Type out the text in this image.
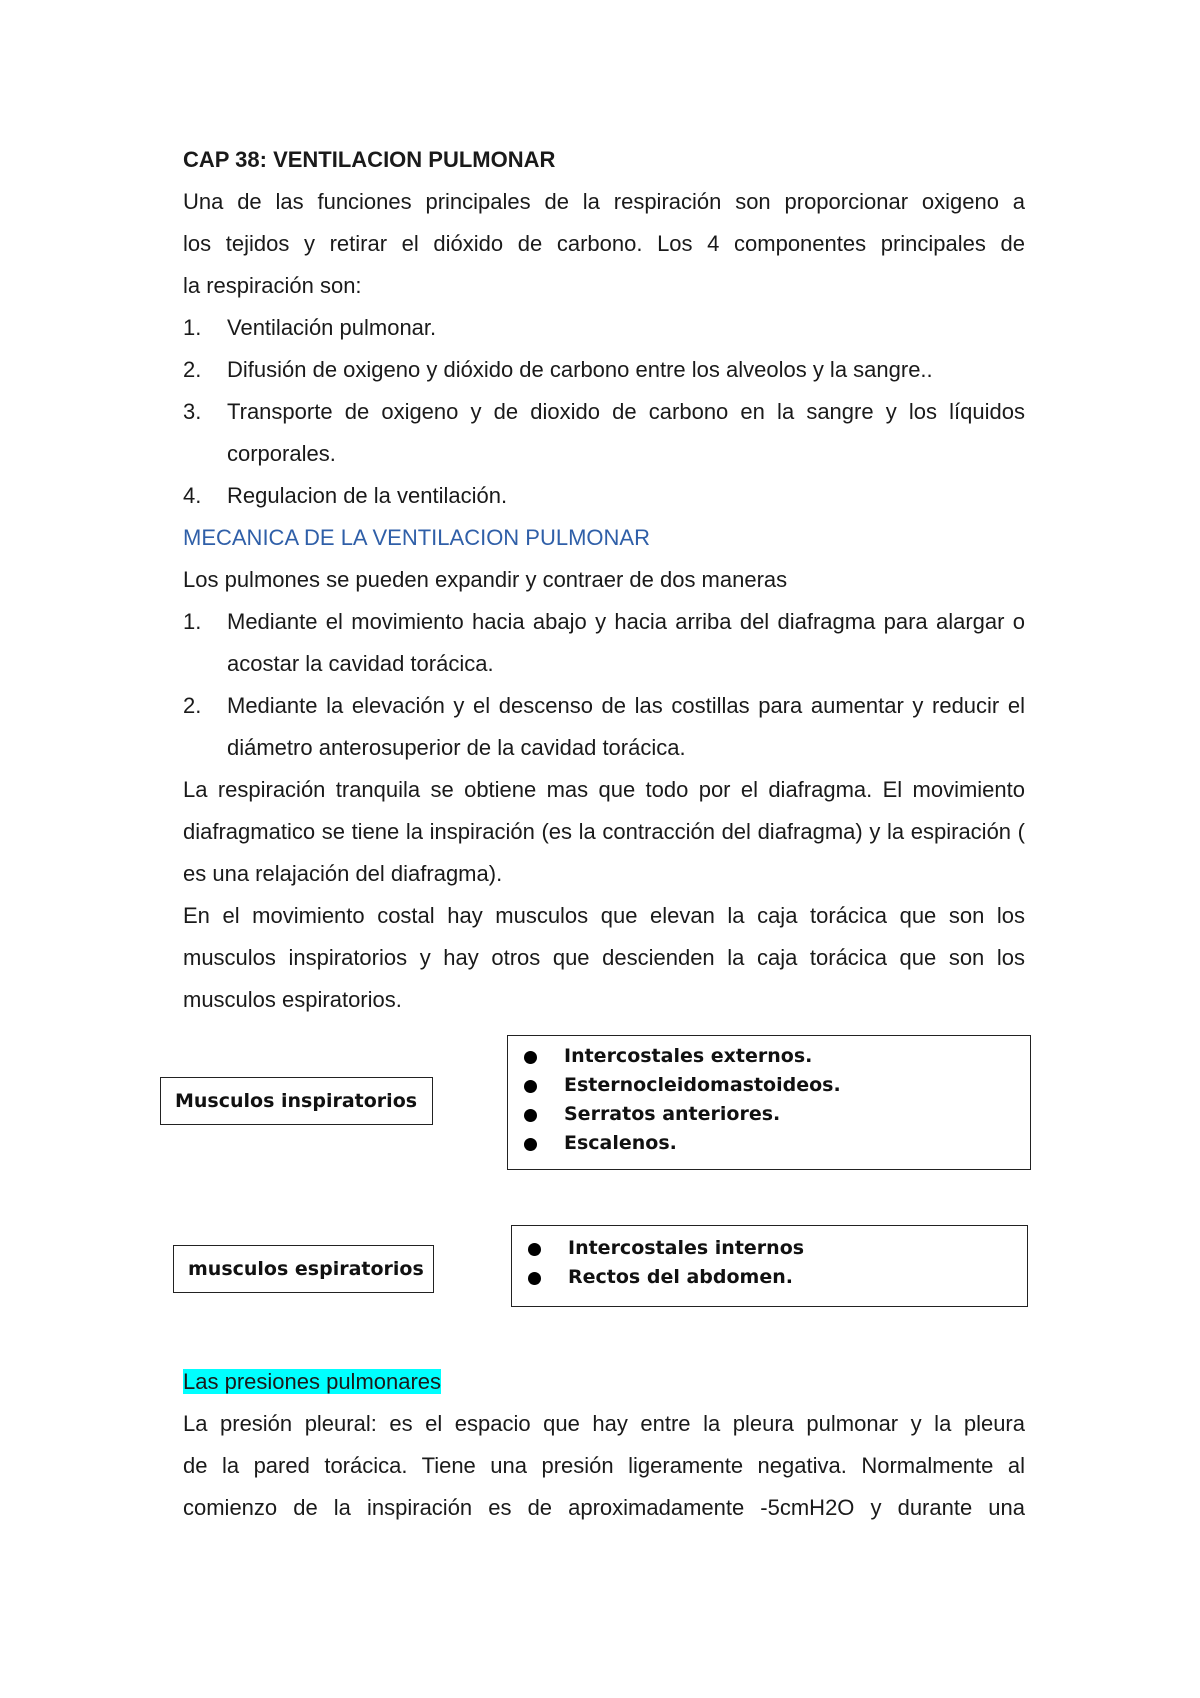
CAP 38: VENTILACION PULMONAR

Una de las funciones principales de la respiración son proporcionar oxigeno a

los tejidos y retirar el dióxido de carbono. Los 4 componentes principales de

la respiración son:

1. Ventilación pulmonar.
2. Difusión de oxigeno y dióxido de carbono entre los alveolos y la sangre..
3. Transporte de oxigeno y de dioxido de carbono en la sangre y los líquidos corporales.
4. Regulacion de la ventilación.
MECANICA DE LA VENTILACION PULMONAR
Los pulmones se pueden expandir y contraer de dos maneras
1. Mediante el movimiento hacia abajo y hacia arriba del diafragma para alargar o acostar la cavidad torácica.
2. Mediante la elevación y el descenso de las costillas para aumentar y reducir el diámetro anterosuperior de la cavidad torácica.
La respiración tranquila se obtiene mas que todo por el diafragma. El movimiento diafragmatico se tiene la inspiración (es la contracción del diafragma) y la espiración ( es una relajación del diafragma).
En el movimiento costal hay musculos que elevan la caja torácica que son los musculos inspiratorios y hay otros que descienden la caja torácica que son los musculos espiratorios.
Las presiones pulmonares

La presión pleural: es el espacio que hay entre la pleura pulmonar y la pleura

de la pared torácica. Tiene una presión ligeramente negativa. Normalmente al

comienzo de la inspiración es de aproximadamente -5cmH2O y durante una

Musculos inspiratorios
Intercostales externos.
Esternocleidomastoideos.
Serratos anteriores.
Escalenos.
musculos espiratorios
Intercostales internos
Rectos del abdomen.
